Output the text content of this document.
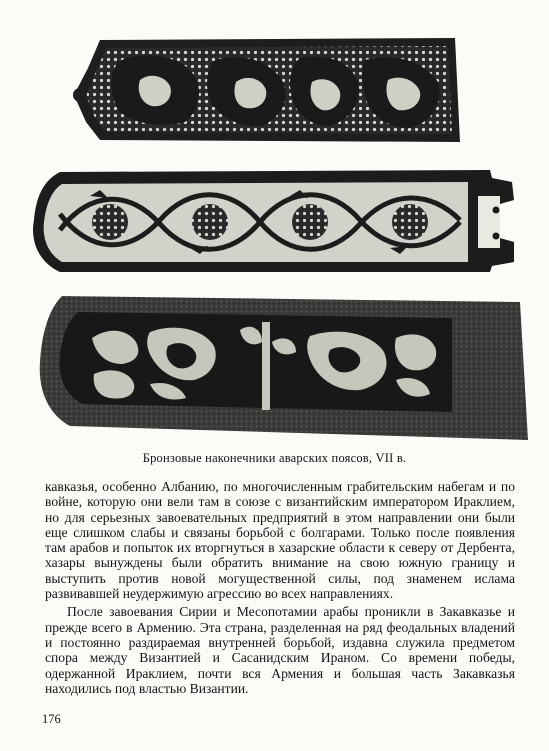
Бронзовые наконечники аварских поясов, VII в.

кавказья, особенно Албанию, по многочисленным грабительским набегам и по войне, которую они вели там в союзе с византийским императором Ираклием, но для серьезных завоевательных предприятий в этом направлении они были еще слишком слабы и связаны борьбой с болгарами. Только после появления там арабов и попыток их вторгнуться в хазарские области к северу от Дербента, хазары вынуждены были обратить внимание на свою южную границу и выступить против новой могущественной силы, под знаменем ислама развивавшей неудержимую агрессию во всех направлениях.

После завоевания Сирии и Месопотамии арабы проникли в Закавказье и прежде всего в Армению. Эта страна, разделенная на ряд феодальных владений и постоянно раздираемая внутренней борьбой, издавна служила предметом спора между Византией и Сасанидским Ираном. Со времени победы, одержанной Ираклием, почти вся Армения и большая часть Закавказья находились под властью Византии.

176
